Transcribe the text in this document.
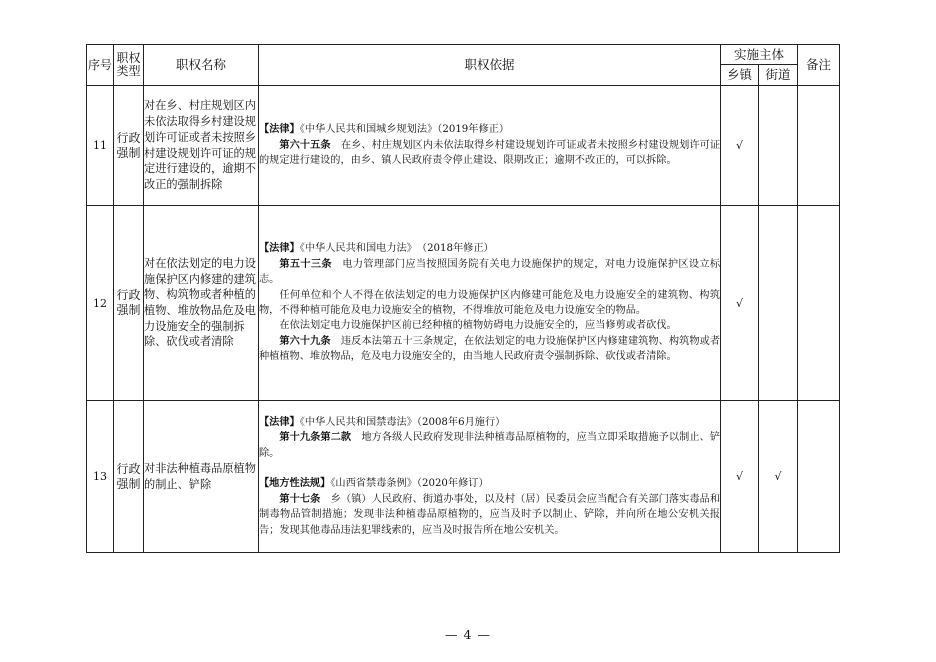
序号	职权类型	职权名称	职权依据	实施主体		备注
				乡镇	街道	
11	行政强制	对在乡、村庄规划区内未依法取得乡村建设规划许可证或者未按照乡村建设规划许可证的规定进行建设的，逾期不改正的强制拆除	【法律】《中华人民共和国城乡规划法》（2019年修正）

第六十五条　在乡、村庄规划区内未依法取得乡村建设规划许可证或者未按照乡村建设规划许可证的规定进行建设的，由乡、镇人民政府责令停止建设、限期改正；逾期不改正的，可以拆除。	√		
12	行政强制	对在依法划定的电力设施保护区内修建的建筑物、构筑物或者种植的植物、堆放物品危及电力设施安全的强制拆除、砍伐或者清除	【法律】《中华人民共和国电力法》　（2018年修正）

第五十三条　电力管理部门应当按照国务院有关电力设施保护的规定，对电力设施保护区设立标志。

任何单位和个人不得在依法划定的电力设施保护区内修建可能危及电力设施安全的建筑物、构筑物，不得种植可能危及电力设施安全的植物，不得堆放可能危及电力设施安全的物品。

在依法划定电力设施保护区前已经种植的植物妨碍电力设施安全的，应当修剪或者砍伐。

第六十九条　违反本法第五十三条规定，在依法划定的电力设施保护区内修建建筑物、构筑物或者种植植物、堆放物品，危及电力设施安全的，由当地人民政府责令强制拆除、砍伐或者清除。	√		
13	行政强制	对非法种植毒品原植物的制止、铲除	【法律】《中华人民共和国禁毒法》（2008年6月施行）

第十九条第二款　地方各级人民政府发现非法种植毒品原植物的，应当立即采取措施予以制止、铲除。

【地方性法规】《山西省禁毒条例》（2020年修订）

第十七条　乡（镇）人民政府、街道办事处，以及村（居）民委员会应当配合有关部门落实毒品和制毒物品管制措施；发现非法种植毒品原植物的，应当及时予以制止、铲除，并向所在地公安机关报告；发现其他毒品违法犯罪线索的，应当及时报告所在地公安机关。	√	√	
— 4 —
